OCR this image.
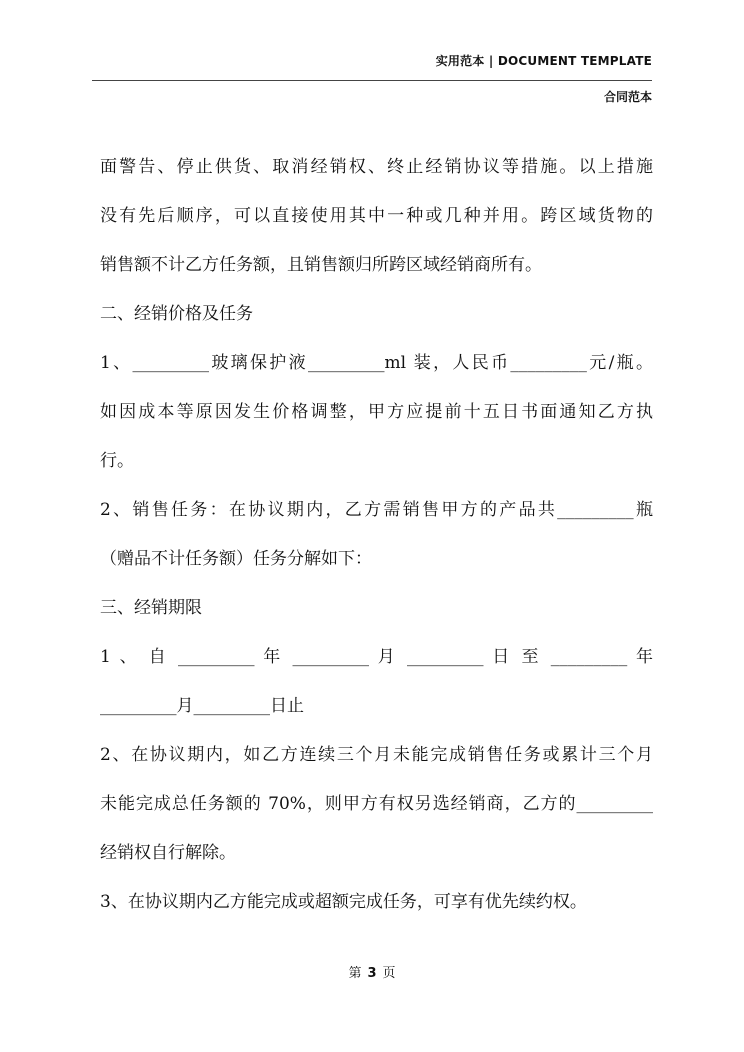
实用范本 | DOCUMENT TEMPLATE
合同范本
面警告、停止供货、取消经销权、终止经销协议等措施。以上措施
没有先后顺序，可以直接使用其中一种或几种并用。跨区域货物的
销售额不计乙方任务额，且销售额归所跨区域经销商所有。
二、经销价格及任务
1、_________玻璃保护液_________ml 装，人民币_________元/瓶。
如因成本等原因发生价格调整，甲方应提前十五日书面通知乙方执
行。
2、销售任务：在协议期内，乙方需销售甲方的产品共_________瓶
（赠品不计任务额）任务分解如下：
三、经销期限
1 、 自 _________ 年 _________ 月 _________ 日 至 _________ 年
_________月_________日止
2、在协议期内，如乙方连续三个月未能完成销售任务或累计三个月
未能完成总任务额的 70%，则甲方有权另选经销商，乙方的_________
经销权自行解除。
3、在协议期内乙方能完成或超额完成任务，可享有优先续约权。
第 3 页
